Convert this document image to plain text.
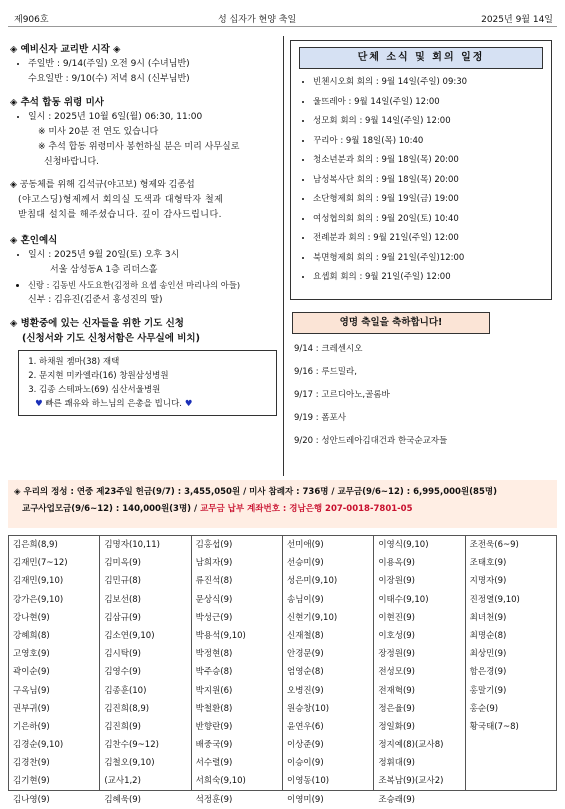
제906호	성 십자가 현양 축일	2025년 9월 14일
◈ 예비신자 교리반 시작 ◈
• 주일반 : 9/14(주일) 오전 9시 (수녀님반)
수요일반 : 9/10(수) 저녁 8시 (신부님반)
◈ 추석 합동 위령 미사
• 일시 : 2025년 10월 6일(월) 06:30, 11:00
※ 미사 20분 전 연도 있습니다
※ 추석 합동 위령미사 봉헌하실 분은 미리 사무실로
신청바랍니다.
◈ 공동체를 위해 김석규(야고보) 형제와 김종섭
(야고스딩)형제께서 회의실 도색과 대형탁자 철제
받침대 설치를 해주셨습니다. 깊이 감사드립니다.
◈ 혼인예식
• 일시 : 2025년 9월 20일(토) 오후 3시
서울 삼성동A 1층 리더스홀
• 신랑 : 김동빈 사도요한(김정하 요셉 송인선 마리나의 아들)
신부 : 김유진(김준서 홍성진의 딸)
◈ 병환중에 있는 신자들을 위한 기도 신청
(신청서와 기도 신청서함은 사무실에 비치)
1. 하채원 젬마(38) 재택
2. 문지현 미카엘라(16) 창원삼성병원
3. 김종 스테파노(69) 심산서울병원
♥ 빠른 쾌유와 하느님의 은총을 빕니다. ♥
단체 소식 및 회의 일정
• 빈첸시오회 회의 : 9월 14일(주일) 09:30
• 울뜨레아 : 9월 14일(주일) 12:00
• 성모회 회의 : 9월 14일(주일) 12:00
• 꾸리아 : 9월 18일(목) 10:40
• 청소년분과 회의 : 9월 18일(목) 20:00
• 남성복사단 회의 : 9월 18일(목) 20:00
• 소단형제회 회의 : 9월 19일(금) 19:00
• 여성협의회 회의 : 9월 20일(토) 10:40
• 전례분과 회의 : 9월 21일(주일) 12:00
• 북면형제회 회의 : 9월 21일(주일)12:00
• 요셉회 회의 : 9월 21일(주일) 12:00
영명 축일을 축하합니다!
9/14 : 크레센시오
9/16 : 루드밀라,
9/17 : 고르디아노,골롬바
9/19 : 폼포사
9/20 : 성안드레아김대건과 한국순교자들
◈ 우리의 정성 : 연중 제23주일 헌금(9/7) : 3,455,050원 / 미사 참례자 : 736명 / 교무금(9/6~12) : 6,995,000원(85명)
교구사업모금(9/6~12) : 140,000원(3명) / 교무금 납부 계좌번호 : 경남은행 207-0018-7801-05
김은희(8,9)
김재민(7~12)
김재민(9,10)
강가은(9,10)
강나현(9)
강혜희(8)
고영호(9)
곽이순(9)
구옥님(9)
권부귀(9)
기은하(9)
김경순(9,10)
김경찬(9)
김기현(9)
김나영(9)
김명자(10,11)
김미옥(9)
김민규(8)
김보선(8)
김삼규(9)
김소연(9,10)
김시탁(9)
김영수(9)
김종훈(10)
김진희(8,9)
김진희(9)
김찬수(9~12)
김철오(9,10)
(교사1,2)
김혜욱(9)
김홍섭(9)
남희자(9)
류진석(8)
문상식(9)
박성근(9)
박용석(9,10)
박정현(8)
박주승(8)
박지원(6)
박철환(8)
반향란(9)
배중국(9)
서수렬(9)
서희숙(9,10)
석정훈(9)
선미애(9)
선승미(9)
성은미(9,10)
송님이(9)
신현기(9,10)
신재철(8)
안경문(9)
엄영순(8)
오병진(9)
원승창(10)
윤연우(6)
이상준(9)
이승이(9)
이영동(10)
이영미(9)
이영식(9,10)
이용옥(9)
이장원(9)
이태수(9,10)
이현진(9)
이호성(9)
장정원(9)
전성모(9)
전재혁(9)
정은율(9)
정일화(9)
정지예(8)(교사8)
정휘대(9)
조복남(9)(교사2)
조승래(9)
조전욱(6~9)
조태호(9)
지명자(9)
진정열(9,10)
최녀천(9)
최명순(8)
최상민(9)
함은경(9)
홍말기(9)
홍순(9)
황국태(7~8)
